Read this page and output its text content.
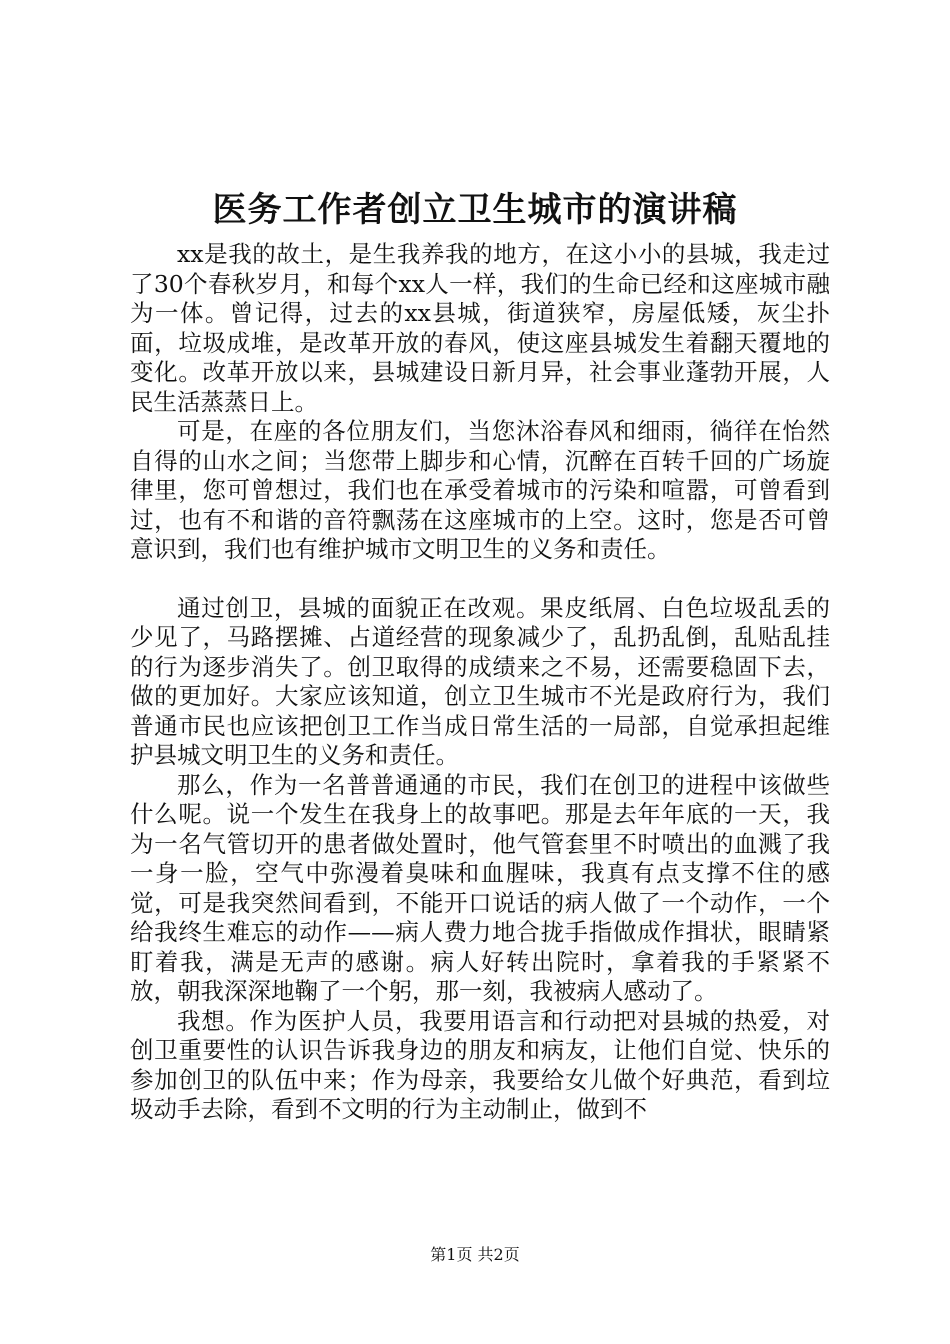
医务工作者创立卫生城市的演讲稿

xx是我的故土，是生我养我的地方，在这小小的县城，我走过了30个春秋岁月，和每个xx人一样，我们的生命已经和这座城市融为一体。曾记得，过去的xx县城，街道狭窄，房屋低矮，灰尘扑面，垃圾成堆，是改革开放的春风，使这座县城发生着翻天覆地的变化。改革开放以来，县城建设日新月异，社会事业蓬勃开展，人民生活蒸蒸日上。

可是，在座的各位朋友们，当您沐浴春风和细雨，徜徉在怡然自得的山水之间；当您带上脚步和心情，沉醉在百转千回的广场旋律里，您可曾想过，我们也在承受着城市的污染和喧嚣，可曾看到过，也有不和谐的音符飘荡在这座城市的上空。这时，您是否可曾意识到，我们也有维护城市文明卫生的义务和责任。

通过创卫，县城的面貌正在改观。果皮纸屑、白色垃圾乱丢的少见了，马路摆摊、占道经营的现象减少了，乱扔乱倒，乱贴乱挂的行为逐步消失了。创卫取得的成绩来之不易，还需要稳固下去，做的更加好。大家应该知道，创立卫生城市不光是政府行为，我们普通市民也应该把创卫工作当成日常生活的一局部，自觉承担起维护县城文明卫生的义务和责任。

那么，作为一名普普通通的市民，我们在创卫的进程中该做些什么呢。说一个发生在我身上的故事吧。那是去年年底的一天，我为一名气管切开的患者做处置时，他气管套里不时喷出的血溅了我一身一脸，空气中弥漫着臭味和血腥味，我真有点支撑不住的感觉，可是我突然间看到，不能开口说话的病人做了一个动作，一个给我终生难忘的动作——病人费力地合拢手指做成作揖状，眼睛紧盯着我，满是无声的感谢。病人好转出院时，拿着我的手紧紧不放，朝我深深地鞠了一个躬，那一刻，我被病人感动了。

我想。作为医护人员，我要用语言和行动把对县城的热爱，对创卫重要性的认识告诉我身边的朋友和病友，让他们自觉、快乐的参加创卫的队伍中来；作为母亲，我要给女儿做个好典范，看到垃圾动手去除，看到不文明的行为主动制止，做到不

第1页 共2页
